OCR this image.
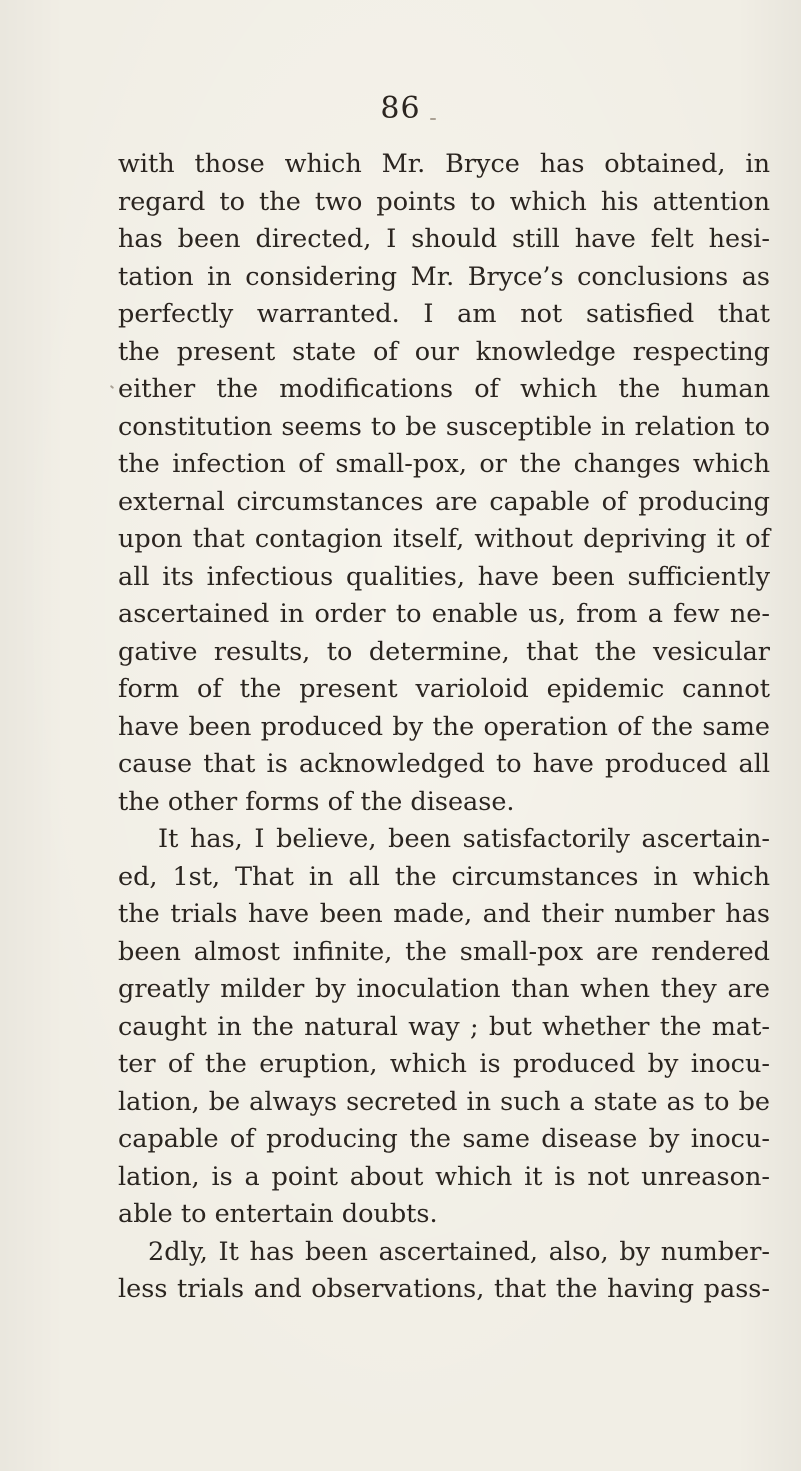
86
with those which Mr. Bryce has obtained, in
regard to the two points to which his attention
has been directed, I should still have felt hesi-
tation in considering Mr. Bryce’s conclusions as
perfectly warranted. I am not satisfied that
the present state of our knowledge respecting
either the modifications of which the human
constitution seems to be susceptible in relation to
the infection of small-pox, or the changes which
external circumstances are capable of producing
upon that contagion itself, without depriving it of
all its infectious qualities, have been sufficiently
ascertained in order to enable us, from a few ne-
gative results, to determine, that the vesicular
form of the present varioloid epidemic cannot
have been produced by the operation of the same
cause that is acknowledged to have produced all
the other forms of the disease.
It has, I believe, been satisfactorily ascertain-
ed, 1st, That in all the circumstances in which
the trials have been made, and their number has
been almost infinite, the small-pox are rendered
greatly milder by inoculation than when they are
caught in the natural way ; but whether the mat-
ter of the eruption, which is produced by inocu-
lation, be always secreted in such a state as to be
capable of producing the same disease by inocu-
lation, is a point about which it is not unreason-
able to entertain doubts.
2dly, It has been ascertained, also, by number-
less trials and observations, that the having pass-
